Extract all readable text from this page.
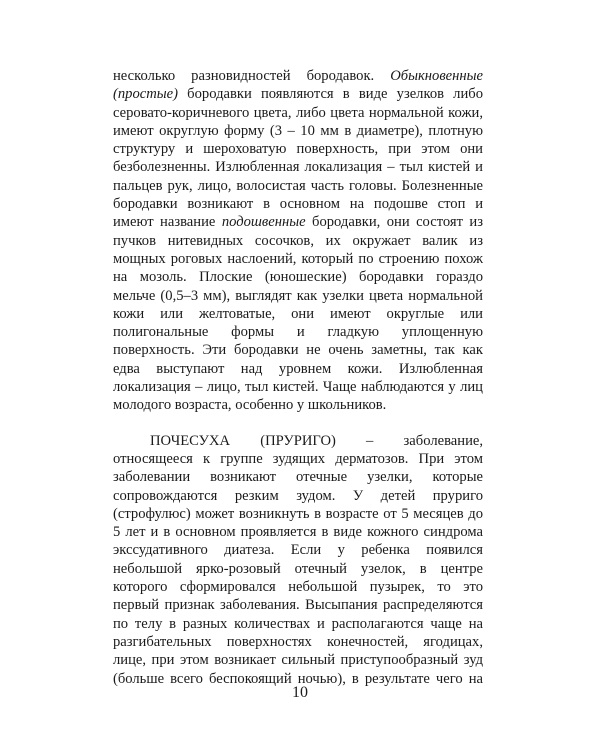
несколько разновидностей бородавок. Обыкновенные
(простые) бородавки появляются в виде узелков либо
серовато-коричневого цвета, либо цвета нормальной кожи,
имеют округлую форму (3 – 10 мм в диаметре), плотную
структуру и шероховатую поверхность, при этом они
безболезненны. Излюбленная локализация – тыл кистей и
пальцев рук, лицо, волосистая часть головы. Болезненные
бородавки возникают в основном на подошве стоп и
имеют название подошвенные бородавки, они состоят из
пучков нитевидных сосочков, их окружает валик из
мощных роговых наслоений, который по строению похож
на мозоль. Плоские (юношеские) бородавки гораздо
мельче (0,5–3 мм), выглядят как узелки цвета нормальной
кожи или желтоватые, они имеют округлые или
полигональные формы и гладкую уплощенную
поверхность. Эти бородавки не очень заметны, так как
едва выступают над уровнем кожи. Излюбленная
локализация – лицо, тыл кистей. Чаще наблюдаются у лиц
молодого возраста, особенно у школьников.
ПОЧЕСУХА (ПРУРИГО) – заболевание,
относящееся к группе зудящих дерматозов. При этом
заболевании возникают отечные узелки, которые
сопровождаются резким зудом. У детей пруриго
(строфулюс) может возникнуть в возрасте от 5 месяцев до
5 лет и в основном проявляется в виде кожного синдрома
экссудативного диатеза. Если у ребенка появился
небольшой ярко-розовый отечный узелок, в центре
которого сформировался небольшой пузырек, то это
первый признак заболевания. Высыпания распределяются
по телу в разных количествах и располагаются чаще на
разгибательных поверхностях конечностей, ягодицах,
лице, при этом возникает сильный приступообразный зуд
(больше всего беспокоящий ночью), в результате чего на
10
